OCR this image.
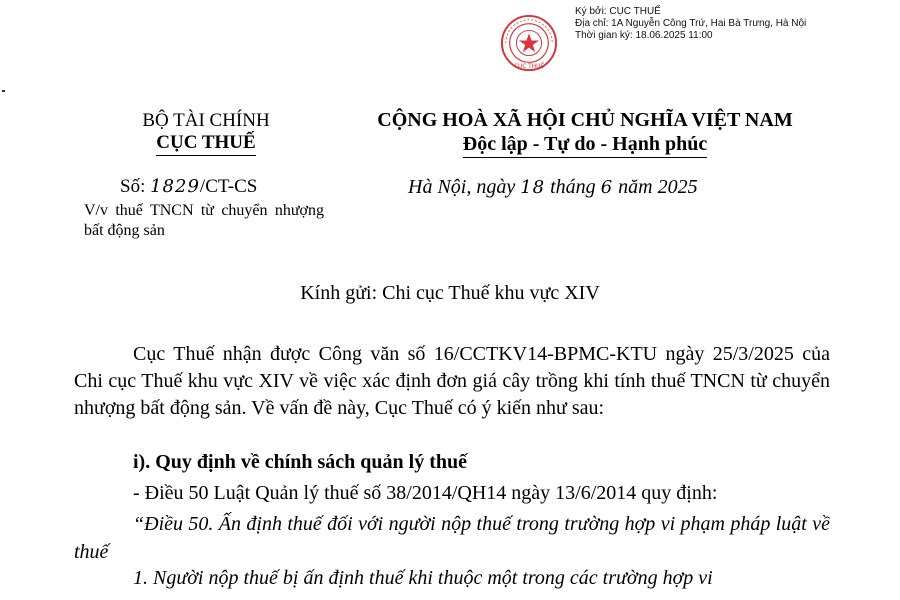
CỤC THUẾ
Ký bởi: CỤC THUẾ
Địa chỉ: 1A Nguyễn Công Trứ, Hai Bà Trưng, Hà Nội
Thời gian ký: 18.06.2025 11:00
BỘ TÀI CHÍNH
CỤC THUẾ
CỘNG HOÀ XÃ HỘI CHỦ NGHĨA VIỆT NAM
Độc lập - Tự do - Hạnh phúc
Số: 1829/CT-CS
V/v thuế TNCN từ chuyển nhượng bất động sản
Hà Nội, ngày 18 tháng 6 năm 2025
Kính gửi: Chi cục Thuế khu vực XIV
Cục Thuế nhận được Công văn số 16/CCTKV14-BPMC-KTU ngày 25/3/2025 của Chi cục Thuế khu vực XIV về việc xác định đơn giá cây trồng khi tính thuế TNCN từ chuyển nhượng bất động sản. Về vấn đề này, Cục Thuế có ý kiến như sau:
i). Quy định về chính sách quản lý thuế
- Điều 50 Luật Quản lý thuế số 38/2014/QH14 ngày 13/6/2014 quy định:
“Điều 50. Ấn định thuế đối với người nộp thuế trong trường hợp vi phạm pháp luật về thuế
1. Người nộp thuế bị ấn định thuế khi thuộc một trong các trường hợp vi
